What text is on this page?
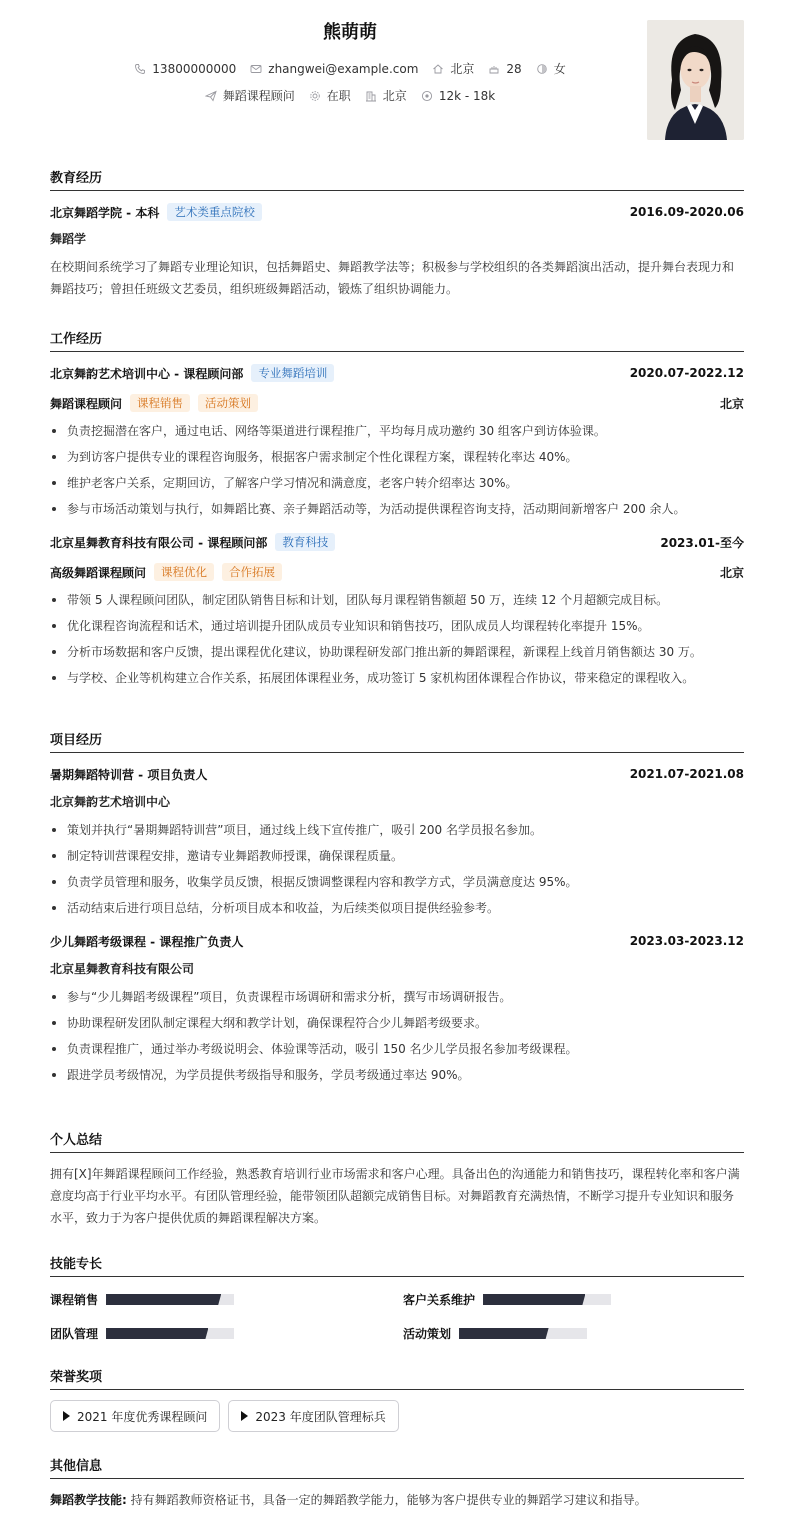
熊萌萌
13800000000	zhangwei@example.com	北京	28	女
舞蹈课程顾问	在职	北京	12k - 18k
教育经历
北京舞蹈学院 - 本科	艺术类重点院校	2016.09-2020.06
舞蹈学
在校期间系统学习了舞蹈专业理论知识，包括舞蹈史、舞蹈教学法等；积极参与学校组织的各类舞蹈演出活动，提升舞台表现力和舞蹈技巧；曾担任班级文艺委员，组织班级舞蹈活动，锻炼了组织协调能力。
工作经历
北京舞韵艺术培训中心 - 课程顾问部	专业舞蹈培训	2020.07-2022.12
舞蹈课程顾问	课程销售	活动策划	北京
负责挖掘潜在客户，通过电话、网络等渠道进行课程推广，平均每月成功邀约 30 组客户到访体验课。
为到访客户提供专业的课程咨询服务，根据客户需求制定个性化课程方案，课程转化率达 40%。
维护老客户关系，定期回访，了解客户学习情况和满意度，老客户转介绍率达 30%。
参与市场活动策划与执行，如舞蹈比赛、亲子舞蹈活动等，为活动提供课程咨询支持，活动期间新增客户 200 余人。
北京星舞教育科技有限公司 - 课程顾问部	教育科技	2023.01-至今
高级舞蹈课程顾问	课程优化	合作拓展	北京
带领 5 人课程顾问团队，制定团队销售目标和计划，团队每月课程销售额超 50 万，连续 12 个月超额完成目标。
优化课程咨询流程和话术，通过培训提升团队成员专业知识和销售技巧，团队成员人均课程转化率提升 15%。
分析市场数据和客户反馈，提出课程优化建议，协助课程研发部门推出新的舞蹈课程，新课程上线首月销售额达 30 万。
与学校、企业等机构建立合作关系，拓展团体课程业务，成功签订 5 家机构团体课程合作协议，带来稳定的课程收入。
项目经历
暑期舞蹈特训营 - 项目负责人	2021.07-2021.08
北京舞韵艺术培训中心
策划并执行“暑期舞蹈特训营”项目，通过线上线下宣传推广，吸引 200 名学员报名参加。
制定特训营课程安排，邀请专业舞蹈教师授课，确保课程质量。
负责学员管理和服务，收集学员反馈，根据反馈调整课程内容和教学方式，学员满意度达 95%。
活动结束后进行项目总结，分析项目成本和收益，为后续类似项目提供经验参考。
少儿舞蹈考级课程 - 课程推广负责人	2023.03-2023.12
北京星舞教育科技有限公司
参与“少儿舞蹈考级课程”项目，负责课程市场调研和需求分析，撰写市场调研报告。
协助课程研发团队制定课程大纲和教学计划，确保课程符合少儿舞蹈考级要求。
负责课程推广，通过举办考级说明会、体验课等活动，吸引 150 名少儿学员报名参加考级课程。
跟进学员考级情况，为学员提供考级指导和服务，学员考级通过率达 90%。
个人总结
拥有[X]年舞蹈课程顾问工作经验，熟悉教育培训行业市场需求和客户心理。具备出色的沟通能力和销售技巧，课程转化率和客户满意度均高于行业平均水平。有团队管理经验，能带领团队超额完成销售目标。对舞蹈教育充满热情，不断学习提升专业知识和服务水平，致力于为客户提供优质的舞蹈课程解决方案。
技能专长
课程销售	客户关系维护
团队管理	活动策划
荣誉奖项
2021 年度优秀课程顾问	2023 年度团队管理标兵
其他信息
舞蹈教学技能: 持有舞蹈教师资格证书，具备一定的舞蹈教学能力，能够为客户提供专业的舞蹈学习建议和指导。
